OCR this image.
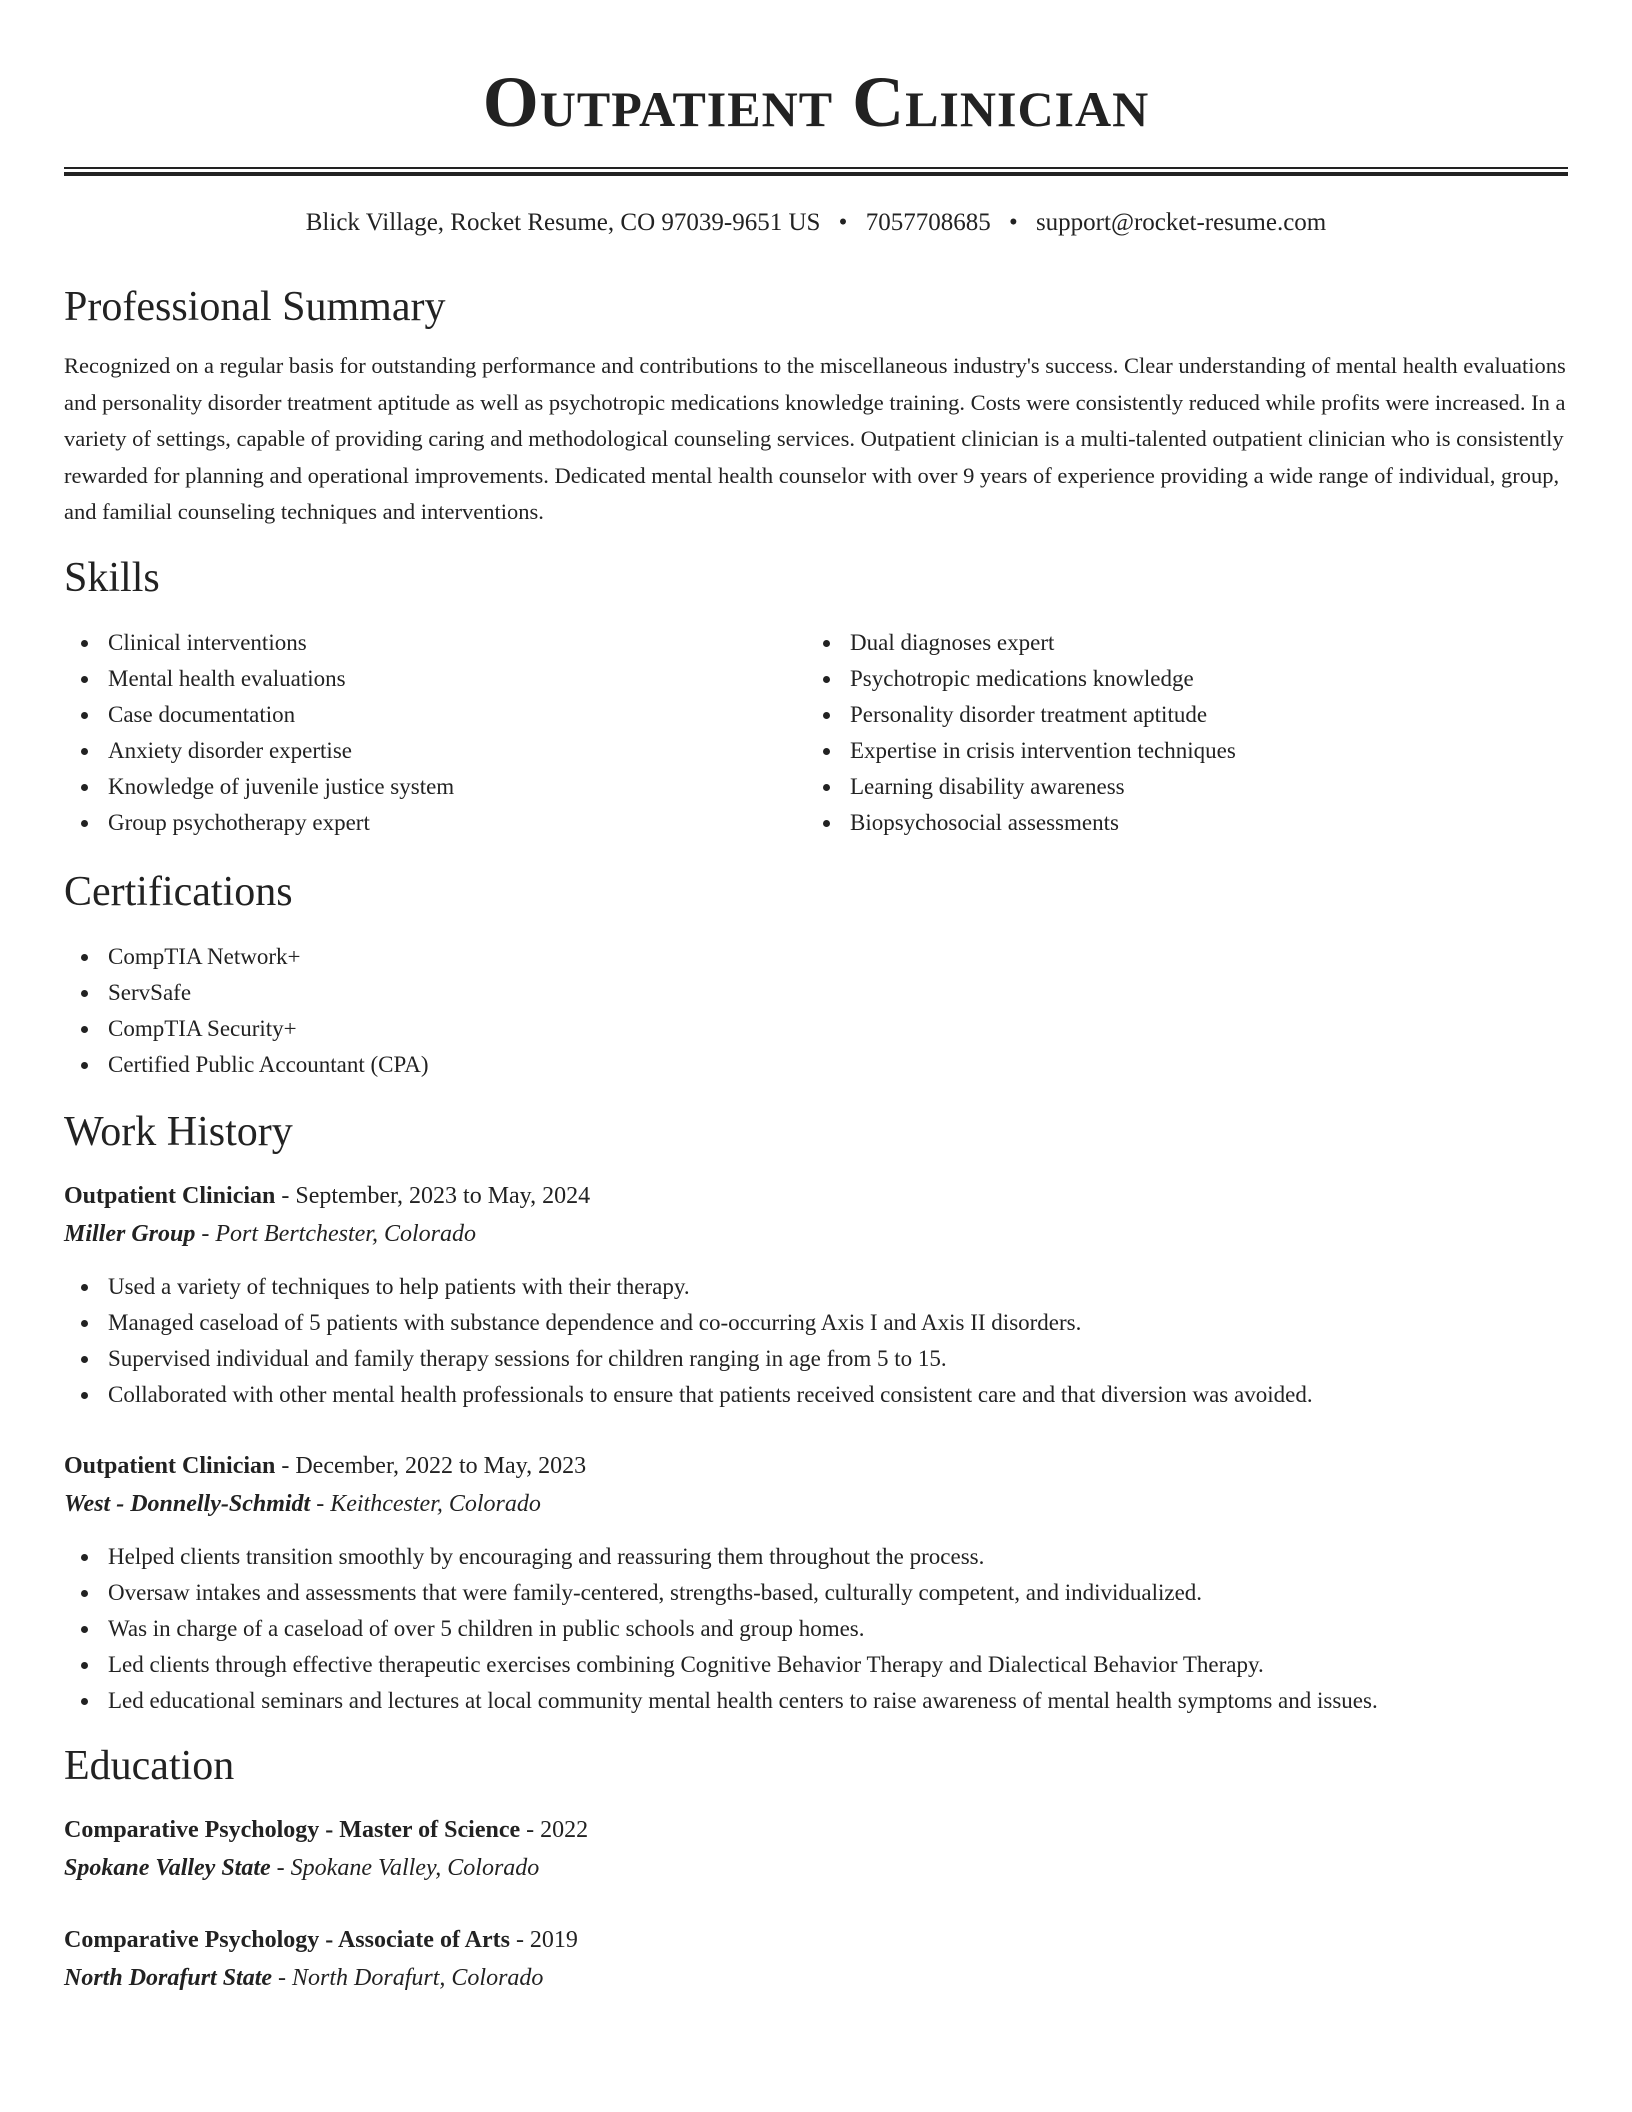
Outpatient Clinician
Blick Village, Rocket Resume, CO 97039-9651 US • 7057708685 • support@rocket-resume.com
Professional Summary

Recognized on a regular basis for outstanding performance and contributions to the miscellaneous industry's success. Clear understanding of mental health evaluations and personality disorder treatment aptitude as well as psychotropic medications knowledge training. Costs were consistently reduced while profits were increased. In a variety of settings, capable of providing caring and methodological counseling services. Outpatient clinician is a multi-talented outpatient clinician who is consistently rewarded for planning and operational improvements. Dedicated mental health counselor with over 9 years of experience providing a wide range of individual, group, and familial counseling techniques and interventions.

Skills
Clinical interventions
Mental health evaluations
Case documentation
Anxiety disorder expertise
Knowledge of juvenile justice system
Group psychotherapy expert
Dual diagnoses expert
Psychotropic medications knowledge
Personality disorder treatment aptitude
Expertise in crisis intervention techniques
Learning disability awareness
Biopsychosocial assessments
Certifications
CompTIA Network+
ServSafe
CompTIA Security+
Certified Public Accountant (CPA)
Work History
Outpatient Clinician - September, 2023 to May, 2024
Miller Group - Port Bertchester, Colorado
Used a variety of techniques to help patients with their therapy.
Managed caseload of 5 patients with substance dependence and co-occurring Axis I and Axis II disorders.
Supervised individual and family therapy sessions for children ranging in age from 5 to 15.
Collaborated with other mental health professionals to ensure that patients received consistent care and that diversion was avoided.
Outpatient Clinician - December, 2022 to May, 2023
West - Donnelly-Schmidt - Keithcester, Colorado
Helped clients transition smoothly by encouraging and reassuring them throughout the process.
Oversaw intakes and assessments that were family-centered, strengths-based, culturally competent, and individualized.
Was in charge of a caseload of over 5 children in public schools and group homes.
Led clients through effective therapeutic exercises combining Cognitive Behavior Therapy and Dialectical Behavior Therapy.
Led educational seminars and lectures at local community mental health centers to raise awareness of mental health symptoms and issues.
Education
Comparative Psychology - Master of Science - 2022
Spokane Valley State - Spokane Valley, Colorado
Comparative Psychology - Associate of Arts - 2019
North Dorafurt State - North Dorafurt, Colorado
